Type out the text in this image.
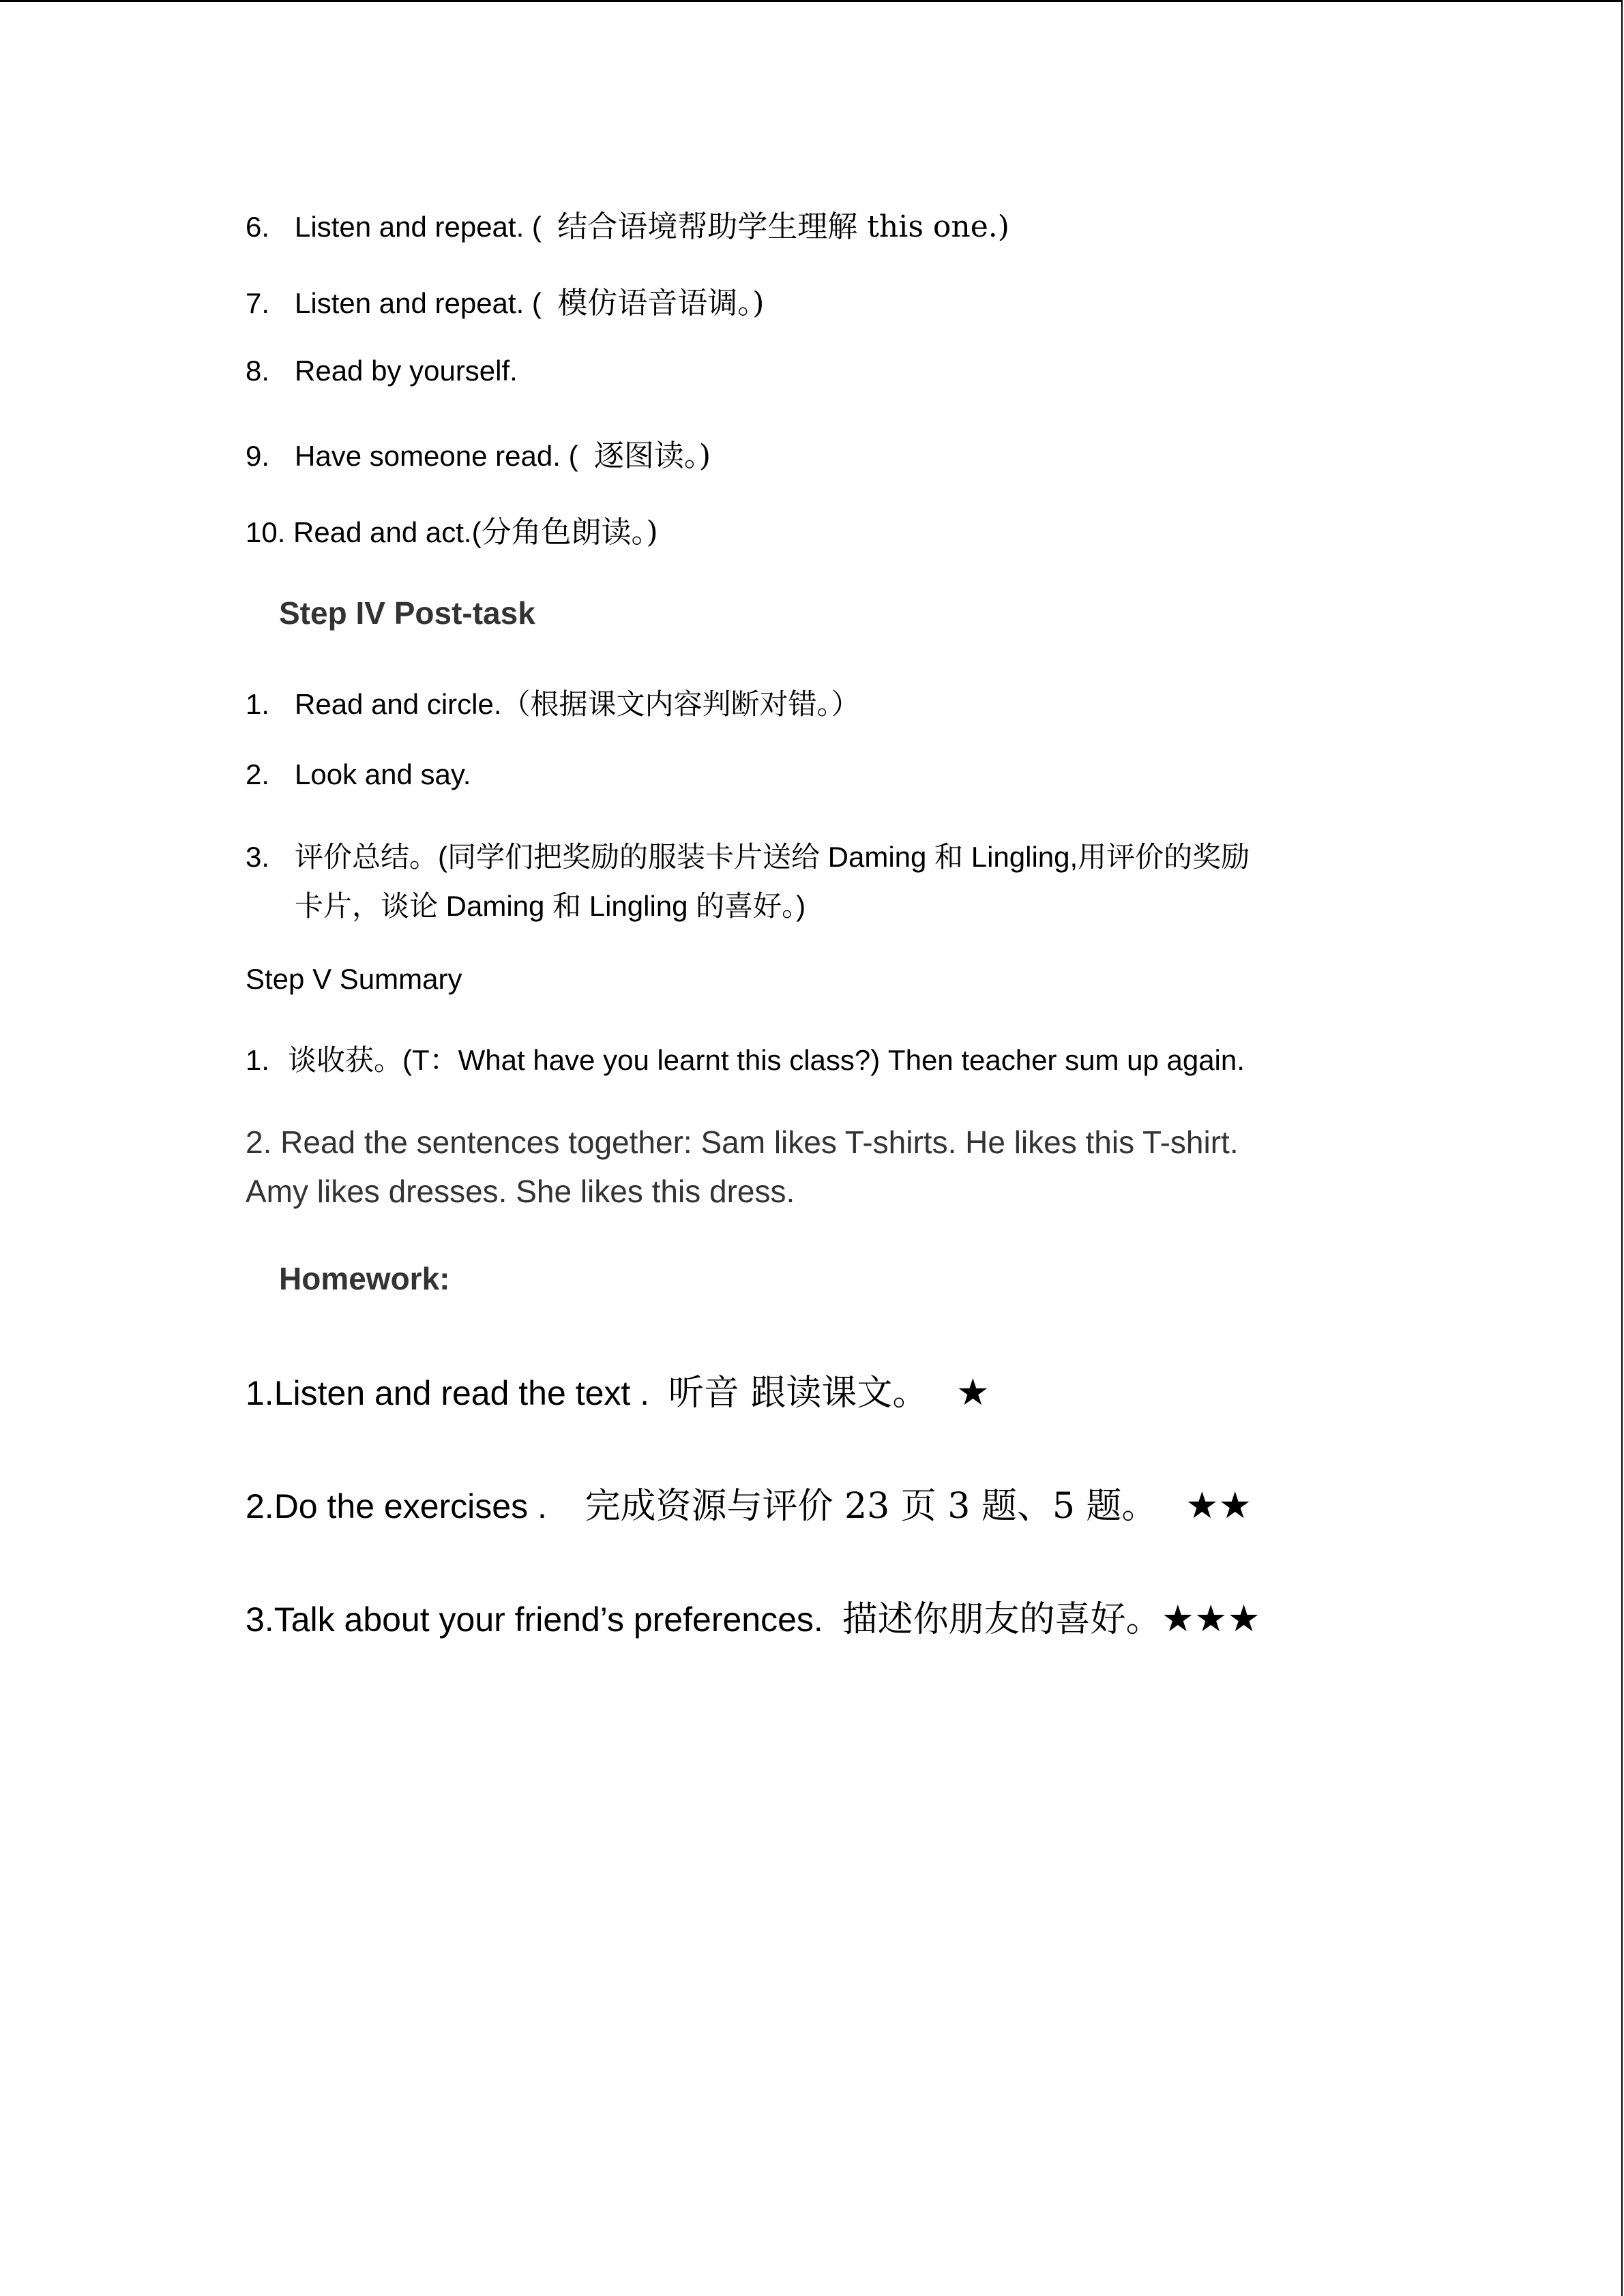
6. Listen and repeat. ( 结合语境帮助学生理解 this one.)
7. Listen and repeat. ( 模仿语音语调。)
8. Read by yourself.
9. Have someone read. ( 逐图读。)
10. Read and act.(分角色朗读。)
Step IV Post-task
1. Read and circle.（根据课文内容判断对错。）
2. Look and say.
3. 评价总结。(同学们把奖励的服装卡片送给 Daming 和 Lingling,用评价的奖励
卡片，谈论 Daming 和 Lingling 的喜好。)
Step V Summary
1. 谈收获。(T：What have you learnt this class?) Then teacher sum up again.
2. Read the sentences together: Sam likes T-shirts. He likes this T-shirt.
Amy likes dresses. She likes this dress.
Homework:
1.Listen and read the text . 听音 跟读课文。 ★
2.Do the exercises . 完成资源与评价 23 页 3 题、5 题。 ★★
3.Talk about your friend’s preferences. 描述你朋友的喜好。★★★
